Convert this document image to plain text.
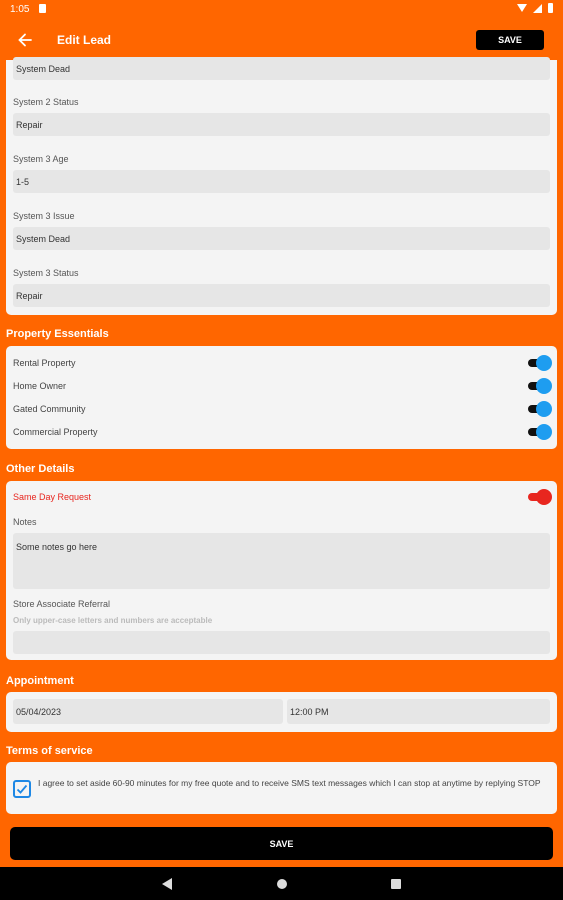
1:05
Edit Lead	SAVE
System Dead
System 2 Status
Repair
System 3 Age
1-5
System 3 Issue
System Dead
System 3 Status
Repair
Property Essentials
Rental Property
Home Owner
Gated Community
Commercial Property
Other Details
Same Day Request
Notes
Some notes go here
Store Associate Referral
Only upper-case letters and numbers are acceptable
Appointment
05/04/2023	12:00 PM
Terms of service
I agree to set aside 60-90 minutes for my free quote and to receive SMS text messages which I can stop at anytime by replying STOP
SAVE
